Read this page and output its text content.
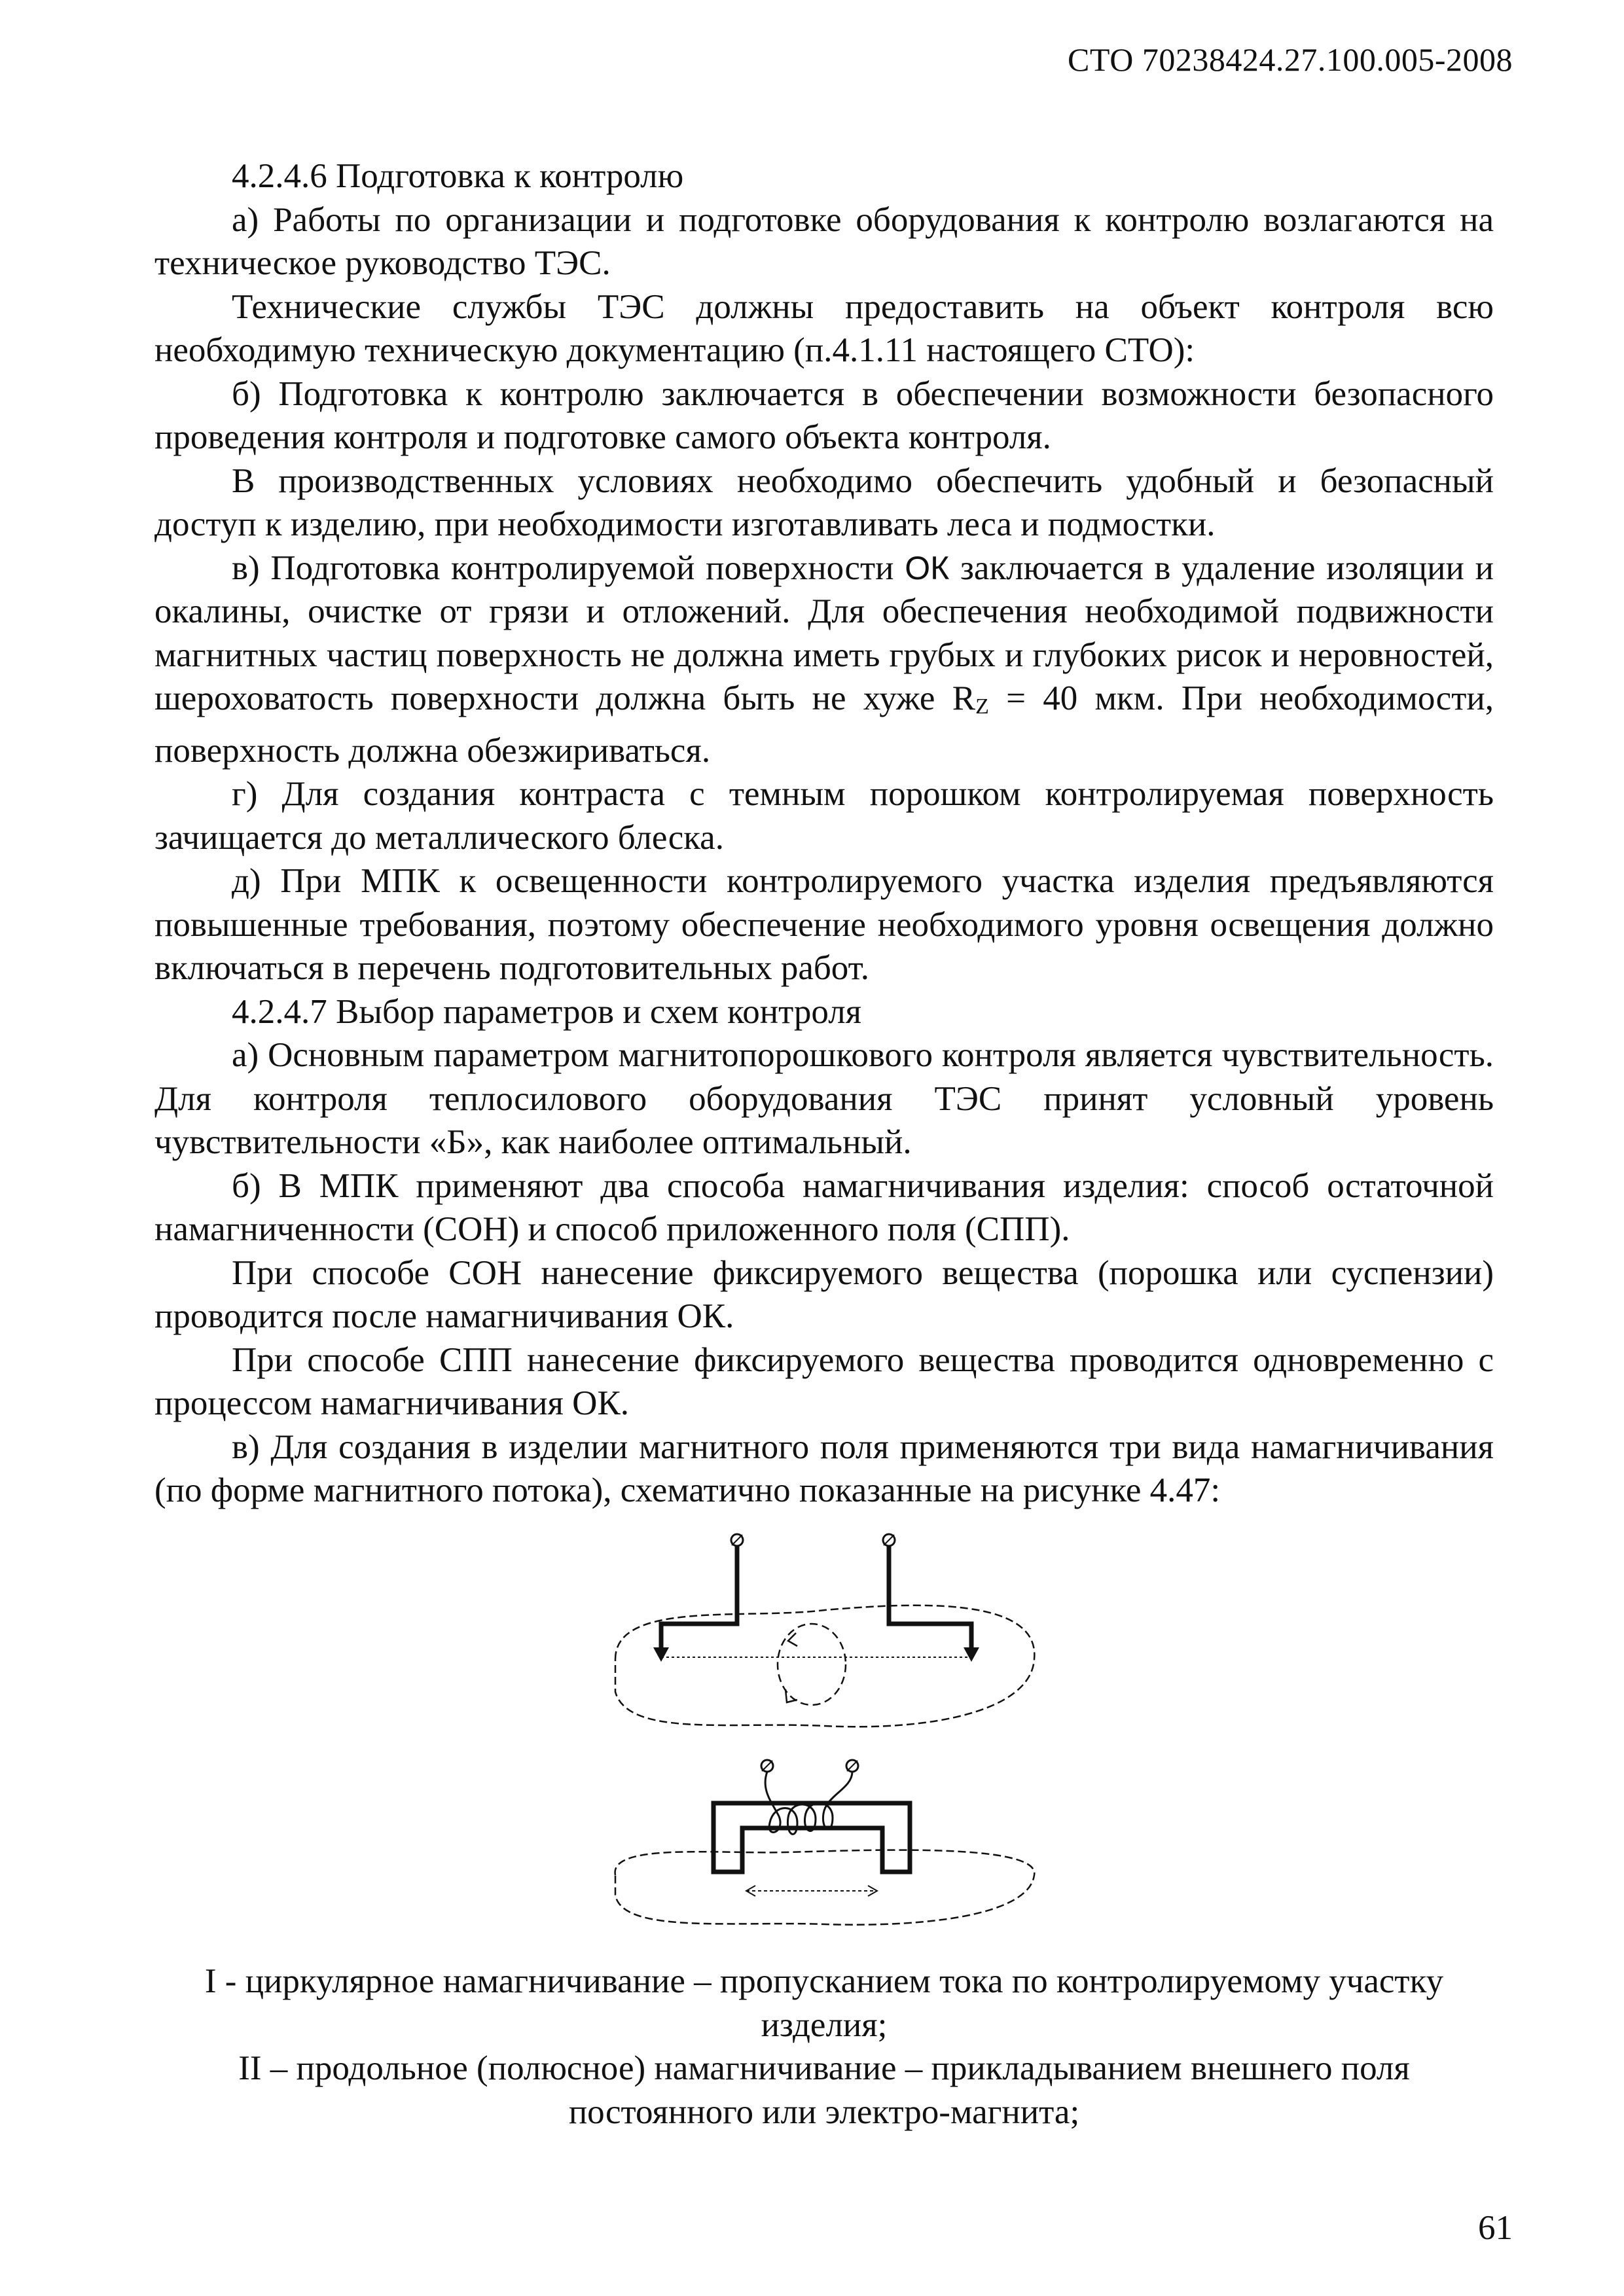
СТО 70238424.27.100.005-2008

4.2.4.6 Подготовка к контролю

а) Работы по организации и подготовке оборудования к контролю возлагаются на техническое руководство ТЭС.

Технические службы ТЭС должны предоставить на объект контроля всю необходимую техническую документацию (п.4.1.11 настоящего СТО):

б) Подготовка к контролю заключается в обеспечении возможности безопасного проведения контроля и подготовке самого объекта контроля.

В производственных условиях необходимо обеспечить удобный и безопасный доступ к изделию, при необходимости изготавливать леса и подмостки.

в) Подготовка контролируемой поверхности ОК заключается в удаление изоляции и окалины, очистке от грязи и отложений. Для обеспечения необходимой подвижности магнитных частиц поверхность не должна иметь грубых и глубоких рисок и неровностей, шероховатость поверхности должна быть не хуже $R_Z = 40$ мкм. При необходимости, поверхность должна обезжириваться.

г) Для создания контраста с темным порошком контролируемая поверхность зачищается до металлического блеска.

д) При МПК к освещенности контролируемого участка изделия предъявляются повышенные требования, поэтому обеспечение необходимого уровня освещения должно включаться в перечень подготовительных работ.

4.2.4.7 Выбор параметров и схем контроля

а) Основным параметром магнитопорошкового контроля является чувствительность. Для контроля теплосилового оборудования ТЭС принят условный уровень чувствительности «Б», как наиболее оптимальный.

б) В МПК применяют два способа намагничивания изделия: способ остаточной намагниченности (СОН) и способ приложенного поля (СПП).

При способе СОН нанесение фиксируемого вещества (порошка или суспензии) проводится после намагничивания ОК.

При способе СПП нанесение фиксируемого вещества проводится одновременно с процессом намагничивания ОК.

в) Для создания в изделии магнитного поля применяются три вида намагничивания (по форме магнитного потока), схематично показанные на рисунке 4.47:

I - циркулярное намагничивание – пропусканием тока по контролируемому участку изделия;

II – продольное (полюсное) намагничивание – прикладыванием внешнего поля постоянного или электро-магнита;

61
